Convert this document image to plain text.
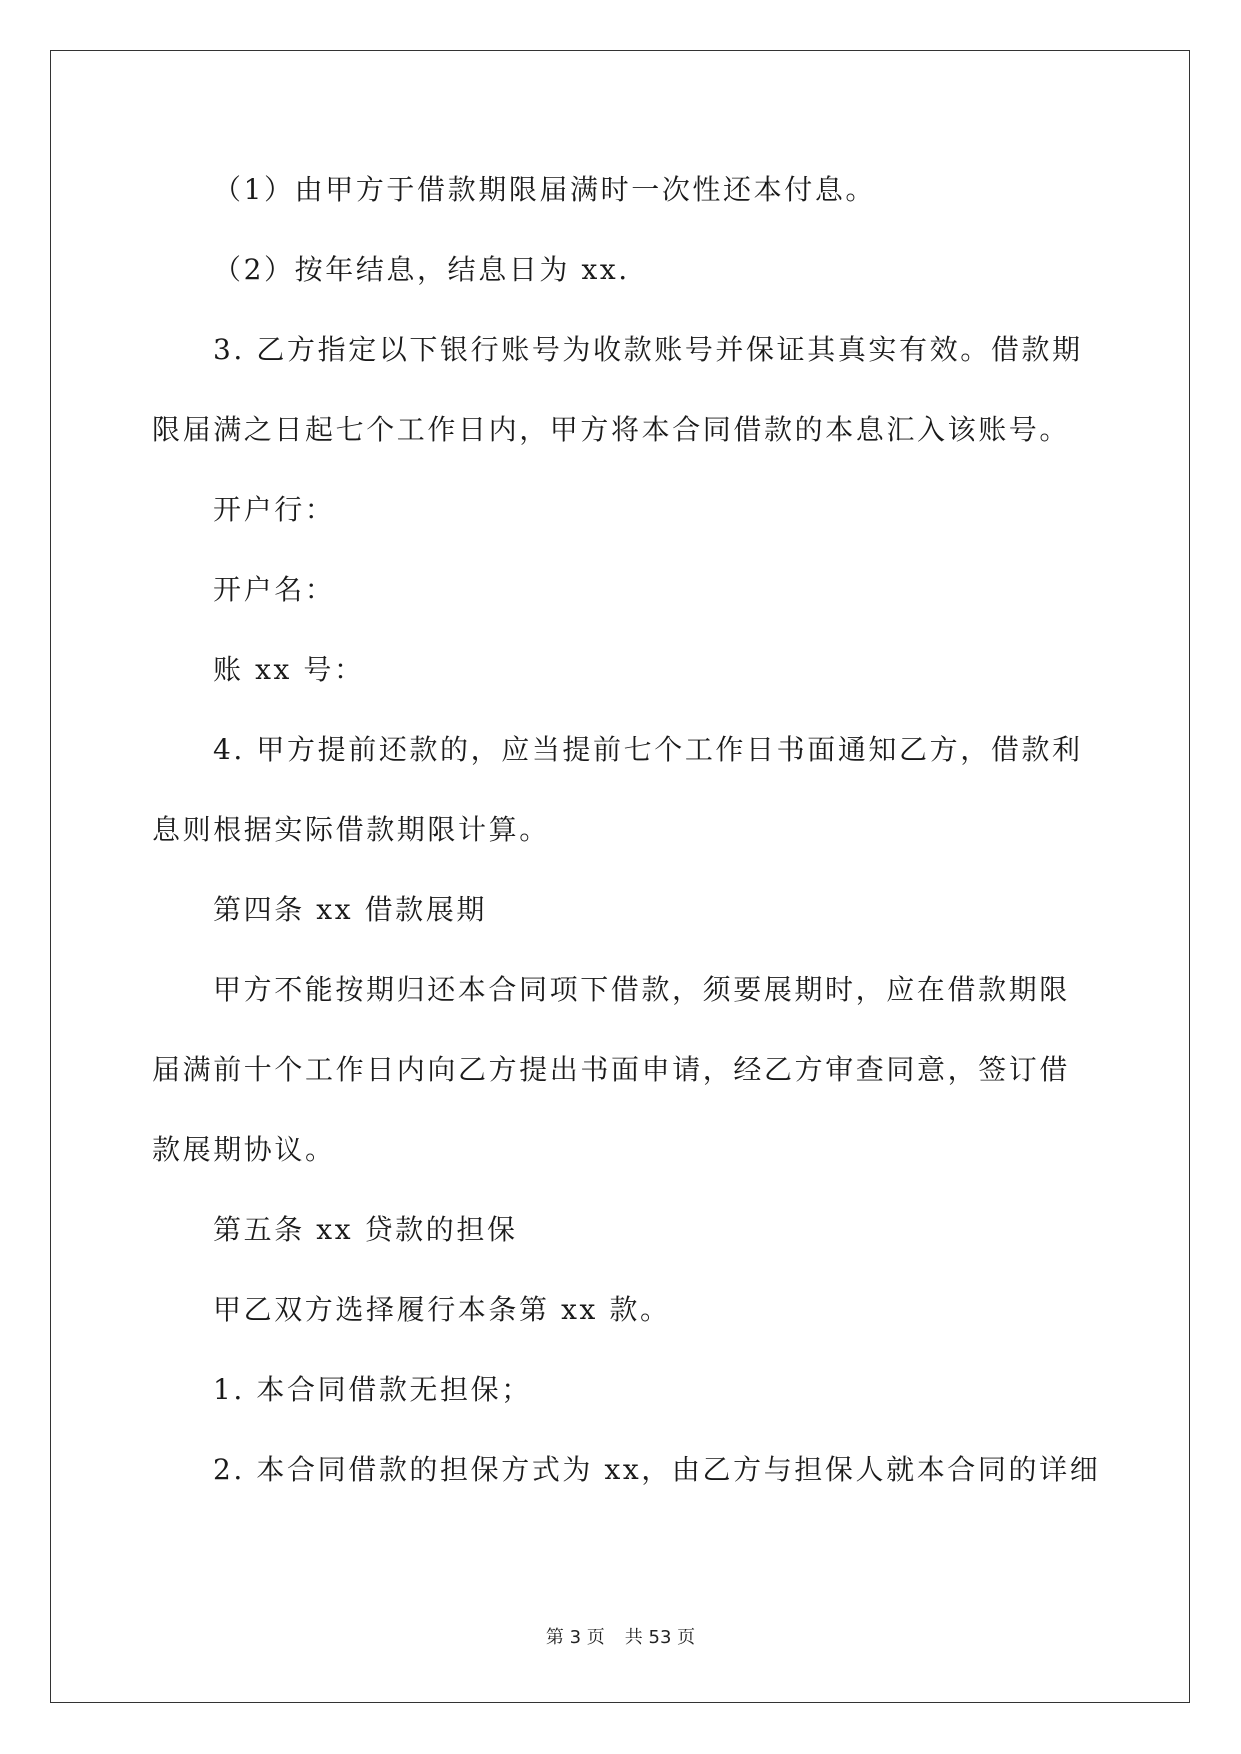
（1）由甲方于借款期限届满时一次性还本付息。
（2）按年结息，结息日为 xx.
3. 乙方指定以下银行账号为收款账号并保证其真实有效。借款期
限届满之日起七个工作日内，甲方将本合同借款的本息汇入该账号。
开户行：
开户名：
账 xx 号：
4. 甲方提前还款的，应当提前七个工作日书面通知乙方，借款利
息则根据实际借款期限计算。
第四条 xx 借款展期
甲方不能按期归还本合同项下借款，须要展期时，应在借款期限
届满前十个工作日内向乙方提出书面申请，经乙方审查同意，签订借
款展期协议。
第五条 xx 贷款的担保
甲乙双方选择履行本条第 xx 款。
1. 本合同借款无担保；
2. 本合同借款的担保方式为 xx，由乙方与担保人就本合同的详细
第 3 页 共 53 页
